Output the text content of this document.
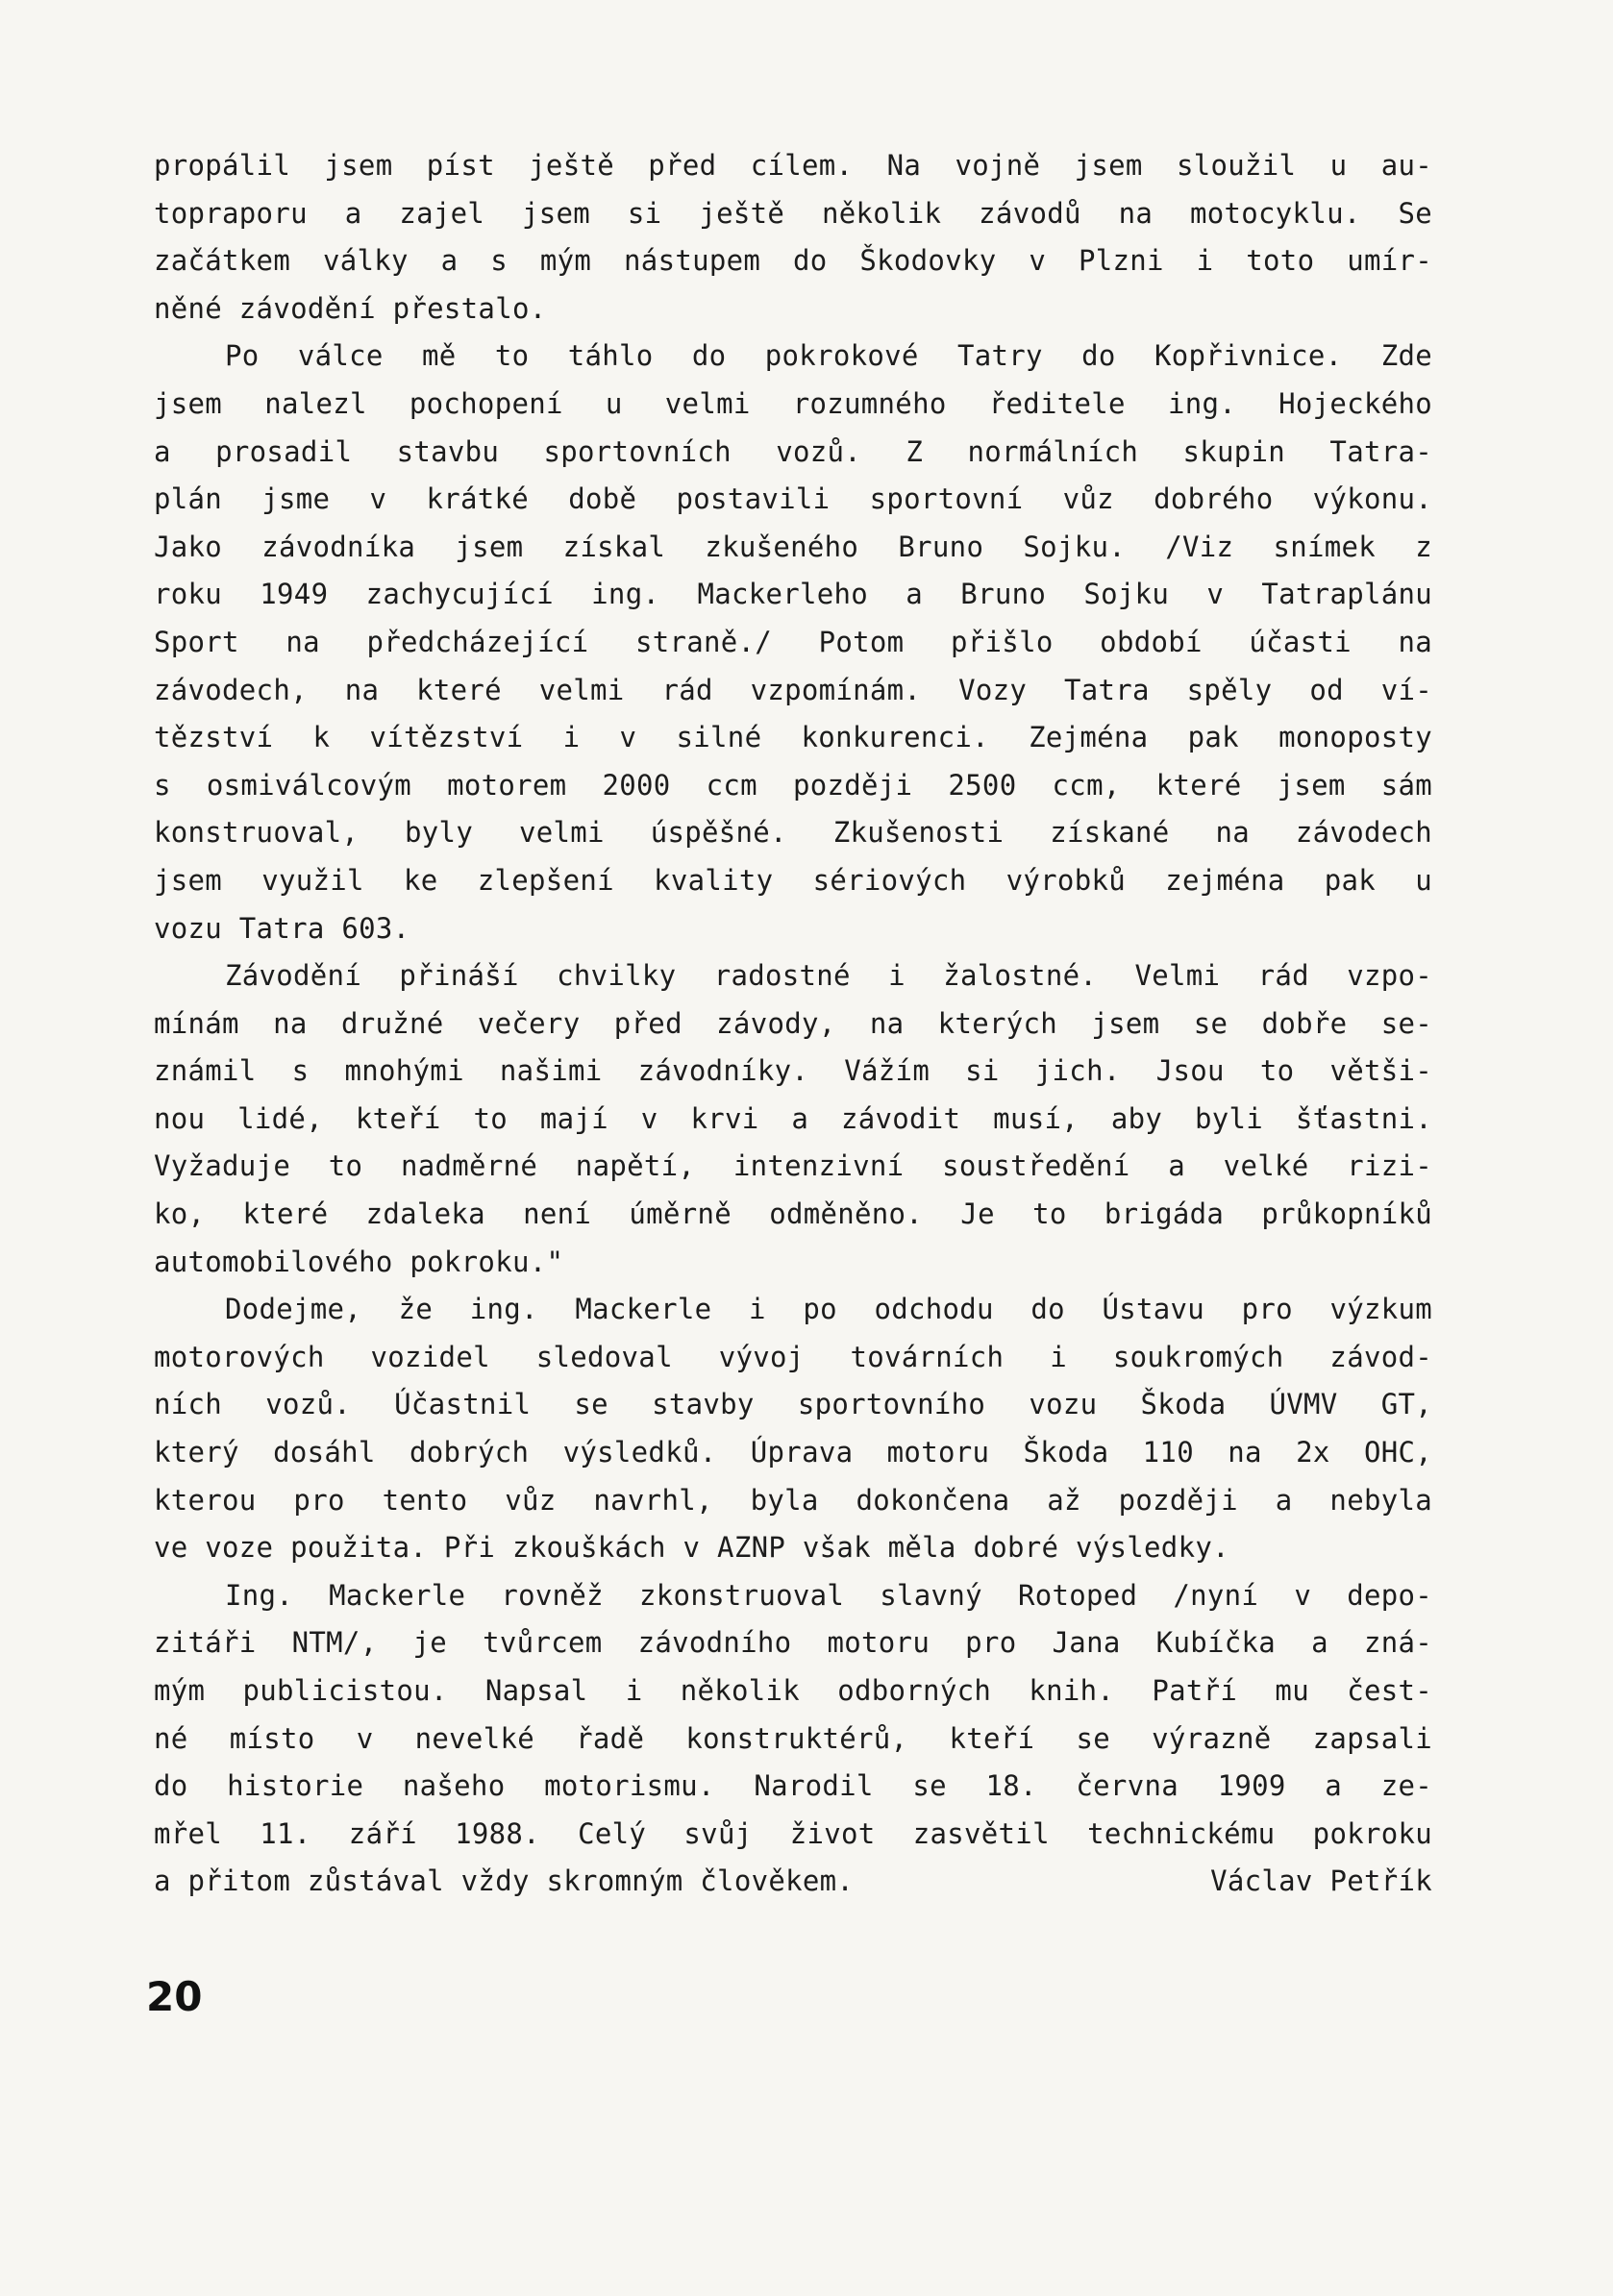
propálil jsem píst ještě před cílem. Na vojně jsem sloužil u au-
topraporu a zajel jsem si ještě několik závodů na motocyklu. Se
začátkem války a s mým nástupem do Škodovky v Plzni i toto umír-
něné závodění přestalo.
Po válce mě to táhlo do pokrokové Tatry do Kopřivnice. Zde
jsem nalezl pochopení u velmi rozumného ředitele ing. Hojeckého
a prosadil stavbu sportovních vozů. Z normálních skupin Tatra-
plán jsme v krátké době postavili sportovní vůz dobrého výkonu.
Jako závodníka jsem získal zkušeného Bruno Sojku. /Viz snímek z
roku 1949 zachycující ing. Mackerleho a Bruno Sojku v Tatraplánu
Sport na předcházející straně./ Potom přišlo období účasti na
závodech, na které velmi rád vzpomínám. Vozy Tatra spěly od ví-
tězství k vítězství i v silné konkurenci. Zejména pak monoposty
s osmiválcovým motorem 2000 ccm později 2500 ccm, které jsem sám
konstruoval, byly velmi úspěšné. Zkušenosti získané na závodech
jsem využil ke zlepšení kvality sériových výrobků zejména pak u
vozu Tatra 603.
Závodění přináší chvilky radostné i žalostné. Velmi rád vzpo-
mínám na družné večery před závody, na kterých jsem se dobře se-
známil s mnohými našimi závodníky. Vážím si jich. Jsou to větši-
nou lidé, kteří to mají v krvi a závodit musí, aby byli šťastni.
Vyžaduje to nadměrné napětí, intenzivní soustředění a velké rizi-
ko, které zdaleka není úměrně odměněno. Je to brigáda průkopníků
automobilového pokroku."
Dodejme, že ing. Mackerle i po odchodu do Ústavu pro výzkum
motorových vozidel sledoval vývoj továrních i soukromých závod-
ních vozů. Účastnil se stavby sportovního vozu Škoda ÚVMV GT,
který dosáhl dobrých výsledků. Úprava motoru Škoda 110 na 2x OHC,
kterou pro tento vůz navrhl, byla dokončena až později a nebyla
ve voze použita. Při zkouškách v AZNP však měla dobré výsledky.
Ing. Mackerle rovněž zkonstruoval slavný Rotoped /nyní v depo-
zitáři NTM/, je tvůrcem závodního motoru pro Jana Kubíčka a zná-
mým publicistou. Napsal i několik odborných knih. Patří mu čest-
né místo v nevelké řadě konstruktérů, kteří se výrazně zapsali
do historie našeho motorismu. Narodil se 18. června 1909 a ze-
mřel 11. září 1988. Celý svůj život zasvětil technickému pokroku
a přitom zůstával vždy skromným člověkem.	Václav Petřík
20
